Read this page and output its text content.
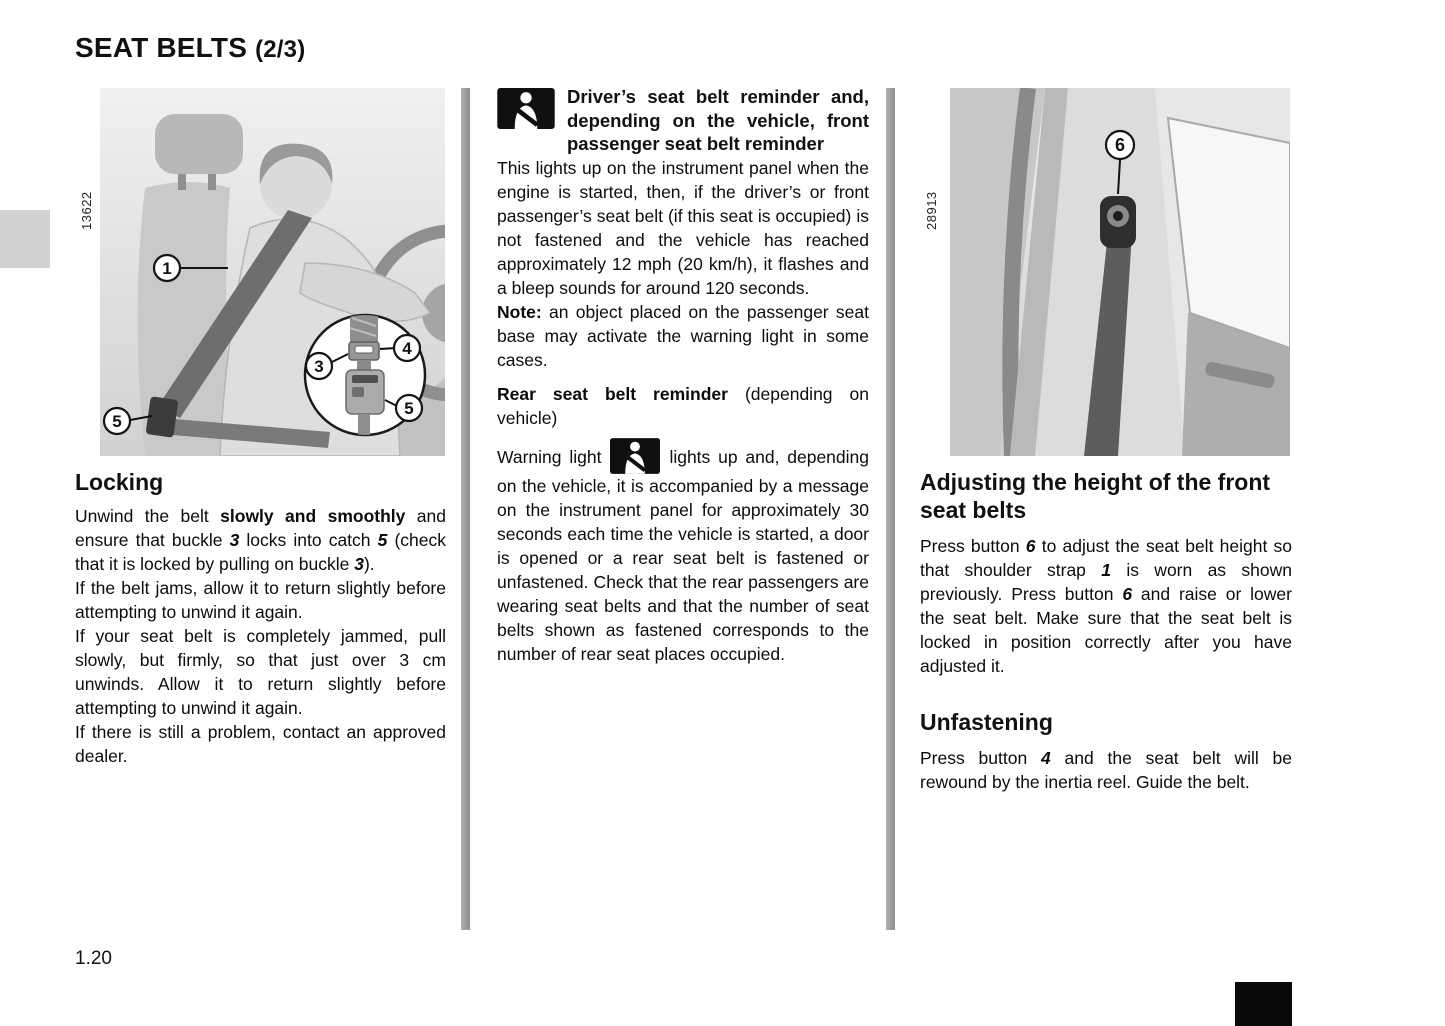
SEAT BELTS (2/3)
13622
1
3
4
5
5
Locking

Unwind the belt slowly and smoothly and ensure that buckle 3 locks into catch 5 (check that it is locked by pulling on buckle 3).

If the belt jams, allow it to return slightly before attempting to unwind it again.

If your seat belt is completely jammed, pull slowly, but firmly, so that just over 3 cm unwinds. Allow it to return slightly before attempting to unwind it again.

If there is still a problem, contact an approved dealer.

Driver’s seat belt reminder and, depending on the vehicle, front passenger seat belt reminder

This lights up on the instrument panel when the engine is started, then, if the driver’s or front passenger’s seat belt (if this seat is occupied) is not fastened and the vehicle has reached approximately 12 mph (20 km/h), it flashes and a bleep sounds for around 120 seconds.

Note: an object placed on the passenger seat base may activate the warning light in some cases.

Rear seat belt reminder (depending on vehicle)

Warning light	lights up and, depending on the vehicle, it is accompanied by a message on the instrument panel for approximately 30 seconds each time the vehicle is started, a door is opened or a rear seat belt is fastened or unfastened. Check that the rear passengers are wearing seat belts and that the number of seat belts shown as fastened corresponds to the number of rear seat places occupied.

28913
6
Adjusting the height of the front seat belts

Press button 6 to adjust the seat belt height so that shoulder strap 1 is worn as shown previously. Press button 6 and raise or lower the seat belt. Make sure that the seat belt is locked in position correctly after you have adjusted it.

Unfastening

Press button 4 and the seat belt will be rewound by the inertia reel. Guide the belt.

1.20
